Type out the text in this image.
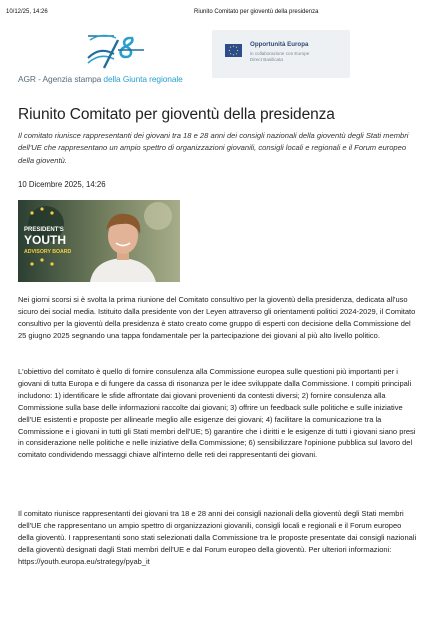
10/12/25, 14:26	Riunito Comitato per gioventù della presidenza
AGR - Agenzia stampa della Giunta regionale
Opportunità Europa
in collaborazione con Europe
Direct Basilicata
Riunito Comitato per gioventù della presidenza
Il comitato riunisce rappresentanti dei giovani tra 18 e 28 anni dei consigli nazionali della gioventù degli Stati membri dell'UE che rappresentano un ampio spettro di organizzazioni giovanili, consigli locali e regionali e il Forum europeo della gioventù.
10 Dicembre 2025, 14:26
PRESIDENT'S
YOUTH
ADVISORY BOARD

Nei giorni scorsi si è svolta la prima riunione del Comitato consultivo per la gioventù della presidenza, dedicata all'uso sicuro dei social media. Istituito dalla presidente von der Leyen attraverso gli orientamenti politici 2024-2029, il Comitato consultivo per la gioventù della presidenza è stato creato come gruppo di esperti con decisione della Commissione del 25 giugno 2025 segnando una tappa fondamentale per la partecipazione dei giovani al più alto livello politico.

L'obiettivo del comitato è quello di fornire consulenza alla Commissione europea sulle questioni più importanti per i giovani di tutta Europa e di fungere da cassa di risonanza per le idee sviluppate dalla Commissione. I compiti principali includono: 1) identificare le sfide affrontate dai giovani provenienti da contesti diversi; 2) fornire consulenza alla Commissione sulla base delle informazioni raccolte dai giovani; 3) offrire un feedback sulle politiche e sulle iniziative dell'UE esistenti e proposte per allinearle meglio alle esigenze dei giovani; 4) facilitare la comunicazione tra la Commissione e i giovani in tutti gli Stati membri dell'UE; 5) garantire che i diritti e le esigenze di tutti i giovani siano presi in considerazione nelle politiche e nelle iniziative della Commissione; 6) sensibilizzare l'opinione pubblica sul lavoro del comitato condividendo messaggi chiave all'interno delle reti dei rappresentanti dei giovani.

Il comitato riunisce rappresentanti dei giovani tra 18 e 28 anni dei consigli nazionali della gioventù degli Stati membri dell'UE che rappresentano un ampio spettro di organizzazioni giovanili, consigli locali e regionali e il Forum europeo della gioventù. I rappresentanti sono stati selezionati dalla Commissione tra le proposte presentate dai consigli nazionali della gioventù designati dagli Stati membri dell'UE e dal Forum europeo della gioventù. Per ulteriori informazioni: https://youth.europa.eu/strategy/pyab_it
